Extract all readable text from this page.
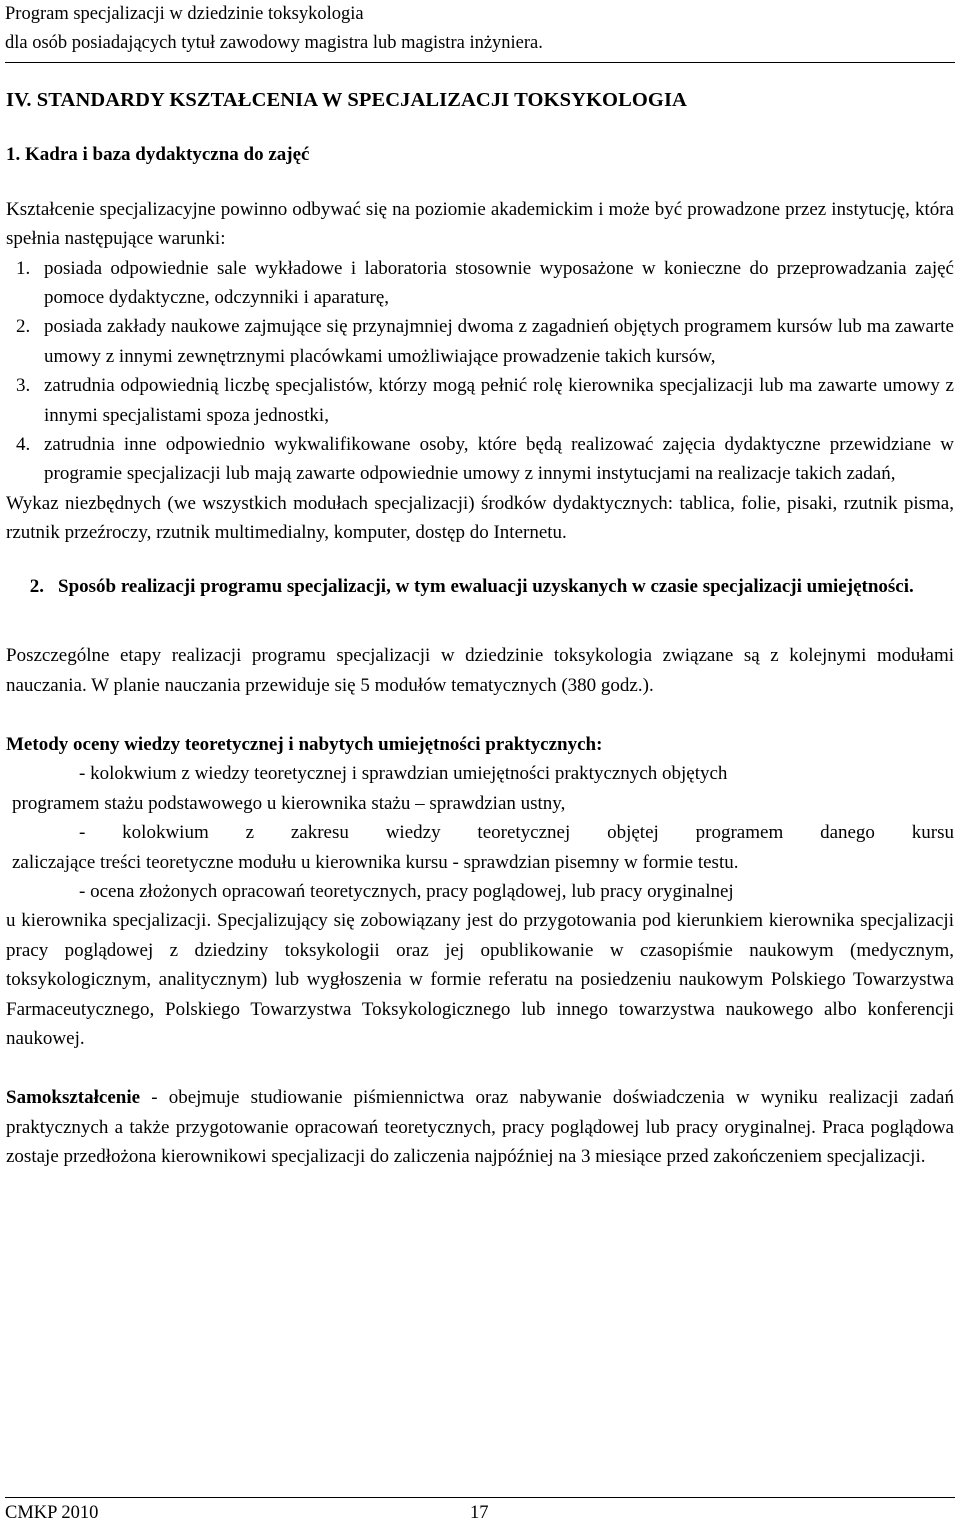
Program specjalizacji w dziedzinie toksykologia
dla osób posiadających tytuł zawodowy magistra lub magistra inżyniera.
IV. STANDARDY KSZTAŁCENIA W SPECJALIZACJI TOKSYKOLOGIA
1. Kadra i baza dydaktyczna do zajęć

Kształcenie specjalizacyjne powinno odbywać się na poziomie akademickim i może być prowadzone przez instytucję, która spełnia następujące warunki:

1. posiada odpowiednie sale wykładowe i laboratoria stosownie wyposażone w konieczne do przeprowadzania zajęć pomoce dydaktyczne, odczynniki i aparaturę,
2. posiada zakłady naukowe zajmujące się przynajmniej dwoma z zagadnień objętych programem kursów lub ma zawarte umowy z innymi zewnętrznymi placówkami umożliwiające prowadzenie takich kursów,
3. zatrudnia odpowiednią liczbę specjalistów, którzy mogą pełnić rolę kierownika specjalizacji lub ma zawarte umowy z innymi specjalistami spoza jednostki,
4. zatrudnia inne odpowiednio wykwalifikowane osoby, które będą realizować zajęcia dydaktyczne przewidziane w programie specjalizacji lub mają zawarte odpowiednie umowy z innymi instytucjami na realizacje takich zadań,

Wykaz niezbędnych (we wszystkich modułach specjalizacji) środków dydaktycznych: tablica, folie, pisaki, rzutnik pisma, rzutnik przeźroczy, rzutnik multimedialny, komputer, dostęp do Internetu.

2. Sposób realizacji programu specjalizacji, w tym ewaluacji uzyskanych w czasie specjalizacji umiejętności.

Poszczególne etapy realizacji programu specjalizacji w dziedzinie toksykologia związane są z kolejnymi modułami nauczania. W planie nauczania przewiduje się 5 modułów tematycznych (380 godz.).

Metody oceny wiedzy teoretycznej i nabytych umiejętności praktycznych:

- kolokwium z wiedzy teoretycznej i sprawdzian umiejętności praktycznych objętych
programem stażu podstawowego u kierownika stażu – sprawdzian ustny,
- kolokwium z zakresu wiedzy teoretycznej objętej programem danego kursu
zaliczające treści teoretyczne modułu u kierownika kursu - sprawdzian pisemny w formie testu.
- ocena złożonych opracowań teoretycznych, pracy poglądowej, lub pracy oryginalnej
u kierownika specjalizacji. Specjalizujący się zobowiązany jest do przygotowania pod kierunkiem kierownika specjalizacji pracy poglądowej z dziedziny toksykologii oraz jej opublikowanie w czasopiśmie naukowym (medycznym, toksykologicznym, analitycznym) lub wygłoszenia w formie referatu na posiedzeniu naukowym Polskiego Towarzystwa Farmaceutycznego, Polskiego Towarzystwa Toksykologicznego lub innego towarzystwa naukowego albo konferencji naukowej.

Samokształcenie - obejmuje studiowanie piśmiennictwa oraz nabywanie doświadczenia w wyniku realizacji zadań praktycznych a także przygotowanie opracowań teoretycznych, pracy poglądowej lub pracy oryginalnej. Praca poglądowa zostaje przedłożona kierownikowi specjalizacji do zaliczenia najpóźniej na 3 miesiące przed zakończeniem specjalizacji.

CMKP 2010	17
